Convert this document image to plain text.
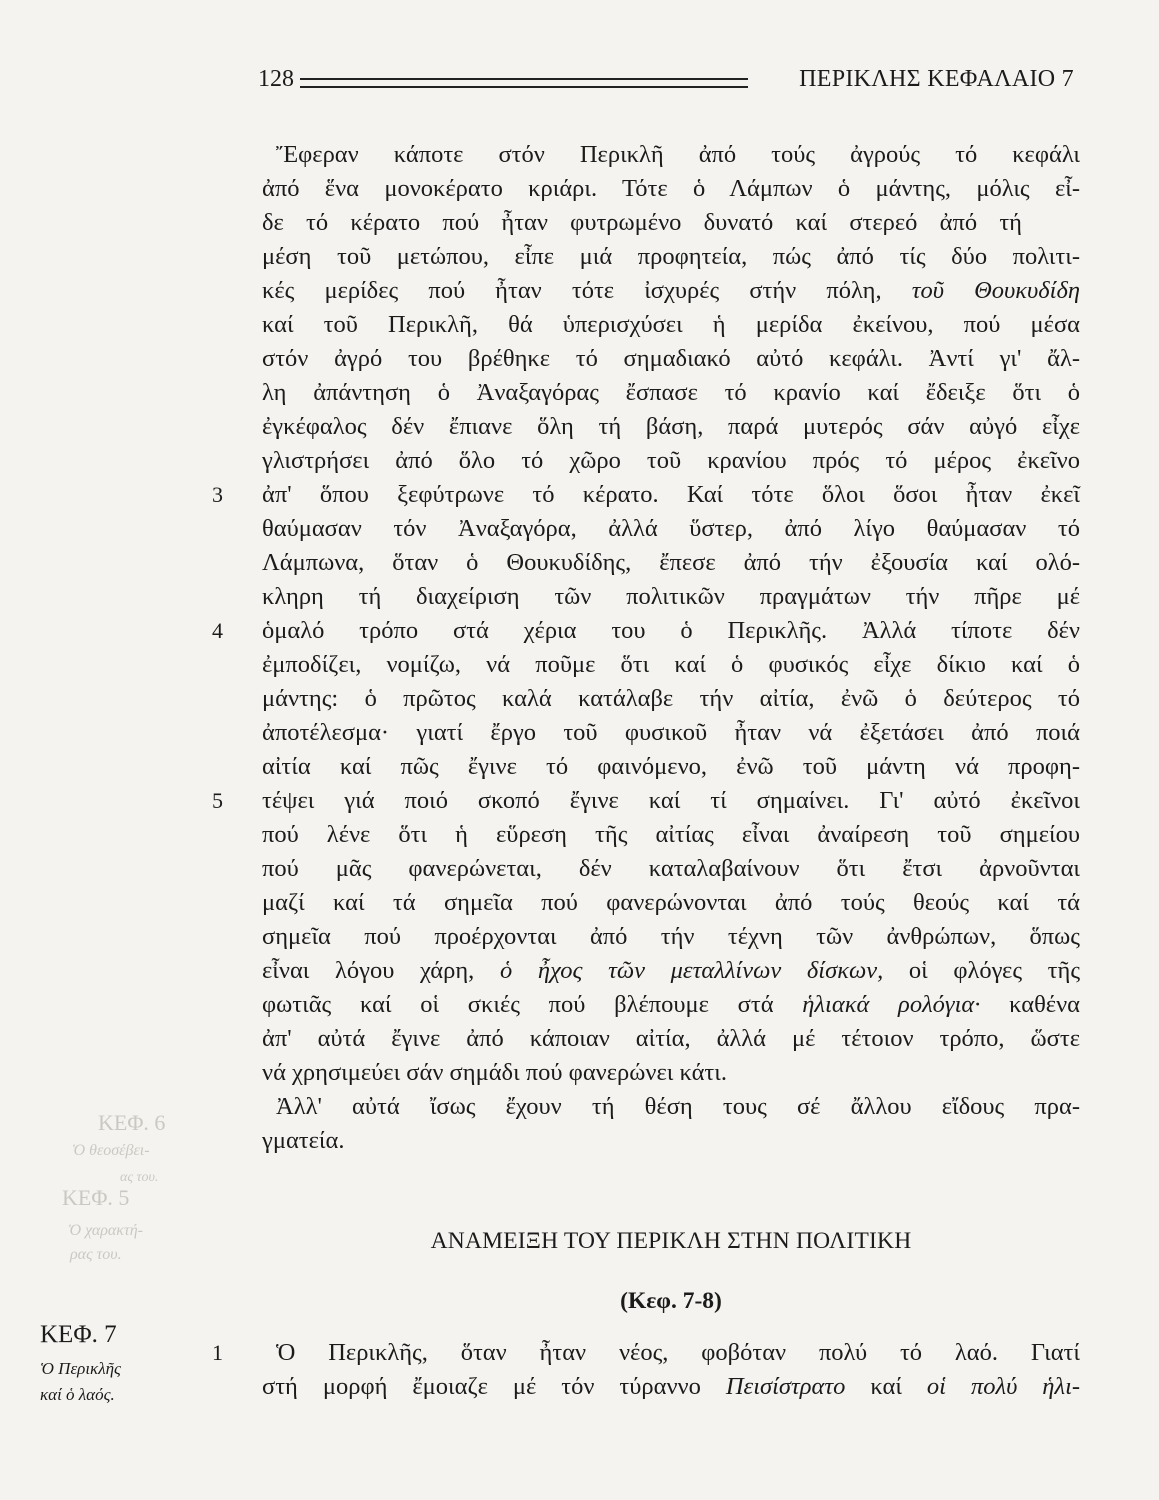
128	ΠΕΡΙΚΛΗΣ ΚΕΦΑΛΑΙΟ 7
ΚΕΦ. 6
Ὁ θεοσέβει-
ας του.
ΚΕΦ. 5
Ὁ χαρακτή-
ρας του.
Ἔφεραν κάποτε στόν Περικλῆ ἀπό τούς ἀγρούς τό κεφάλι
ἀπό ἕνα μονοκέρατο κριάρι. Τότε ὁ Λάμπων ὁ μάντης, μόλις εἶ-
δε τό κέρατο πού ἦταν φυτρωμένο δυνατό καί στερεό ἀπό τή
μέση τοῦ μετώπου, εἶπε μιά προφητεία, πώς ἀπό τίς δύο πολιτι-
κές μερίδες πού ἦταν τότε ἰσχυρές στήν πόλη, τοῦ Θουκυδίδη
καί τοῦ Περικλῆ, θά ὑπερισχύσει ἡ μερίδα ἐκείνου, πού μέσα
στόν ἀγρό του βρέθηκε τό σημαδιακό αὐτό κεφάλι. Ἀντί γι' ἄλ-
λη ἀπάντηση ὁ Ἀναξαγόρας ἔσπασε τό κρανίο καί ἔδειξε ὅτι ὁ
ἐγκέφαλος δέν ἔπιανε ὅλη τή βάση, παρά μυτερός σάν αὐγό εἶχε
γλιστρήσει ἀπό ὅλο τό χῶρο τοῦ κρανίου πρός τό μέρος ἐκεῖνο
3 ἀπ' ὅπου ξεφύτρωνε τό κέρατο. Καί τότε ὅλοι ὅσοι ἦταν ἐκεῖ
θαύμασαν τόν Ἀναξαγόρα, ἀλλά ὕστερ, ἀπό λίγο θαύμασαν τό
Λάμπωνα, ὅταν ὁ Θουκυδίδης, ἔπεσε ἀπό τήν ἐξουσία καί ολό-
κληρη τή διαχείριση τῶν πολιτικῶν πραγμάτων τήν πῆρε μέ
4 ὁμαλό τρόπο στά χέρια του ὁ Περικλῆς. Ἀλλά τίποτε δέν
ἐμποδίζει, νομίζω, νά ποῦμε ὅτι καί ὁ φυσικός εἶχε δίκιο καί ὁ
μάντης: ὁ πρῶτος καλά κατάλαβε τήν αἰτία, ἐνῶ ὁ δεύτερος τό
ἀποτέλεσμα· γιατί ἔργο τοῦ φυσικοῦ ἦταν νά ἐξετάσει ἀπό ποιά
αἰτία καί πῶς ἔγινε τό φαινόμενο, ἐνῶ τοῦ μάντη νά προφη-
5 τέψει γιά ποιό σκοπό ἔγινε καί τί σημαίνει. Γι' αὐτό ἐκεῖνοι
πού λένε ὅτι ἡ εὕρεση τῆς αἰτίας εἶναι ἀναίρεση τοῦ σημείου
πού μᾶς φανερώνεται, δέν καταλαβαίνουν ὅτι ἔτσι ἀρνοῦνται
μαζί καί τά σημεῖα πού φανερώνονται ἀπό τούς θεούς καί τά
σημεῖα πού προέρχονται ἀπό τήν τέχνη τῶν ἀνθρώπων, ὅπως
εἶναι λόγου χάρη, ὁ ἦχος τῶν μεταλλίνων δίσκων, οἱ φλόγες τῆς
φωτιᾶς καί οἱ σκιές πού βλέπουμε στά ἡλιακά ρολόγια· καθένα
ἀπ' αὐτά ἔγινε ἀπό κάποιαν αἰτία, ἀλλά μέ τέτοιον τρόπο, ὥστε
νά χρησιμεύει σάν σημάδι πού φανερώνει κάτι.
Ἀλλ' αὐτά ἴσως ἔχουν τή θέση τους σέ ἄλλου εἴδους πρα-
γματεία.
ΑΝΑΜΕΙΞΗ ΤΟΥ ΠΕΡΙΚΛΗ ΣΤΗΝ ΠΟΛΙΤΙΚΗ
(Κεφ. 7-8)
1	Ὁ Περικλῆς, ὅταν ἦταν νέος, φοβόταν πολύ τό λαό. Γιατί
στή μορφή ἔμοιαζε μέ τόν τύραννο Πεισίστρατο καί οἱ πολύ ἡλι-
ΚΕΦ. 7
Ὁ Περικλῆς
καί ὁ λαός.
